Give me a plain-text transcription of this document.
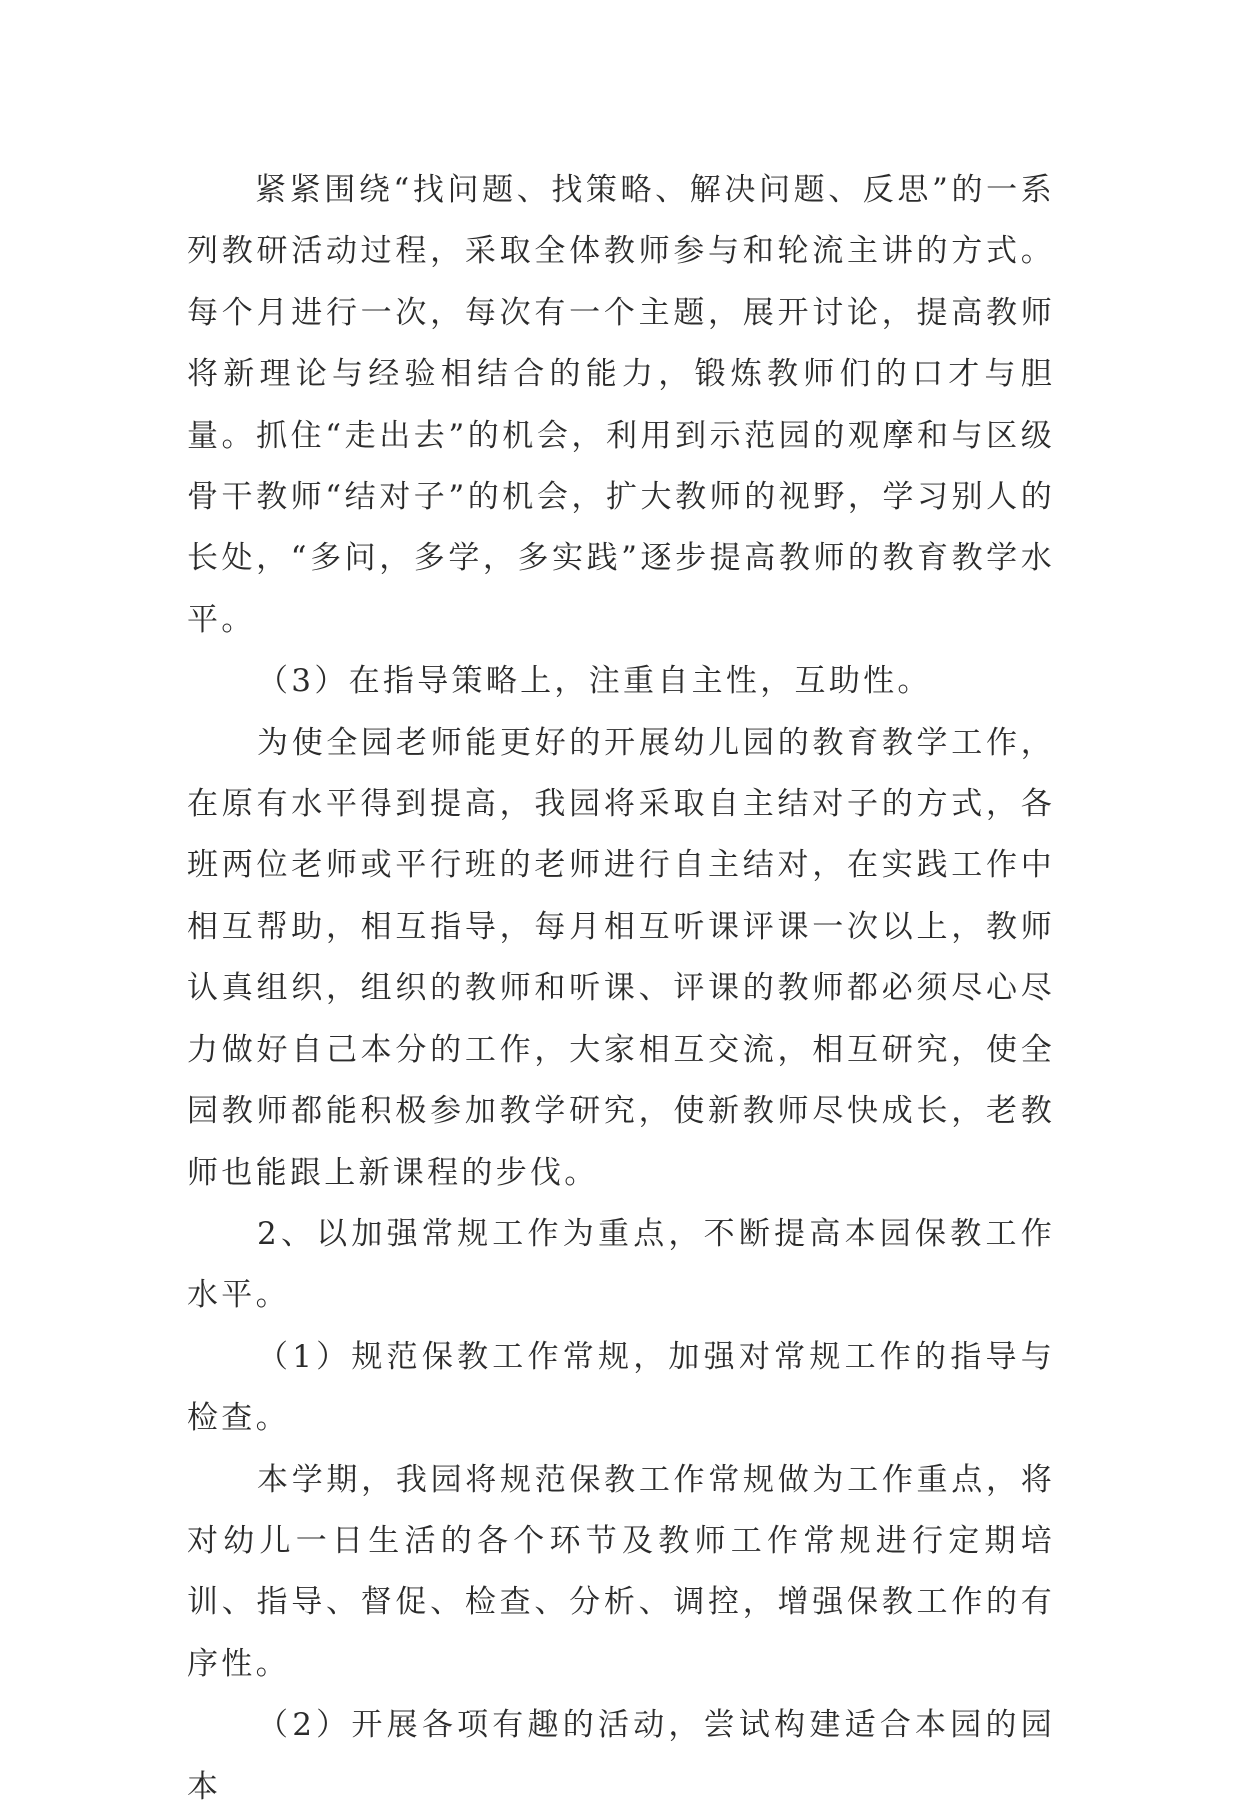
紧紧围绕“找问题、找策略、解决问题、反思”的一系列教研活动过程，采取全体教师参与和轮流主讲的方式。每个月进行一次，每次有一个主题，展开讨论，提高教师将新理论与经验相结合的能力，锻炼教师们的口才与胆量。抓住“走出去”的机会，利用到示范园的观摩和与区级骨干教师“结对子”的机会，扩大教师的视野，学习别人的长处，“多问，多学，多实践”逐步提高教师的教育教学水平。

（3）在指导策略上，注重自主性，互助性。

为使全园老师能更好的开展幼儿园的教育教学工作，在原有水平得到提高，我园将采取自主结对子的方式，各班两位老师或平行班的老师进行自主结对，在实践工作中相互帮助，相互指导，每月相互听课评课一次以上，教师认真组织，组织的教师和听课、评课的教师都必须尽心尽力做好自己本分的工作，大家相互交流，相互研究，使全园教师都能积极参加教学研究，使新教师尽快成长，老教师也能跟上新课程的步伐。

2、以加强常规工作为重点，不断提高本园保教工作水平。

（1）规范保教工作常规，加强对常规工作的指导与检查。

本学期，我园将规范保教工作常规做为工作重点，将对幼儿一日生活的各个环节及教师工作常规进行定期培训、指导、督促、检查、分析、调控，增强保教工作的有序性。

（2）开展各项有趣的活动，尝试构建适合本园的园本
